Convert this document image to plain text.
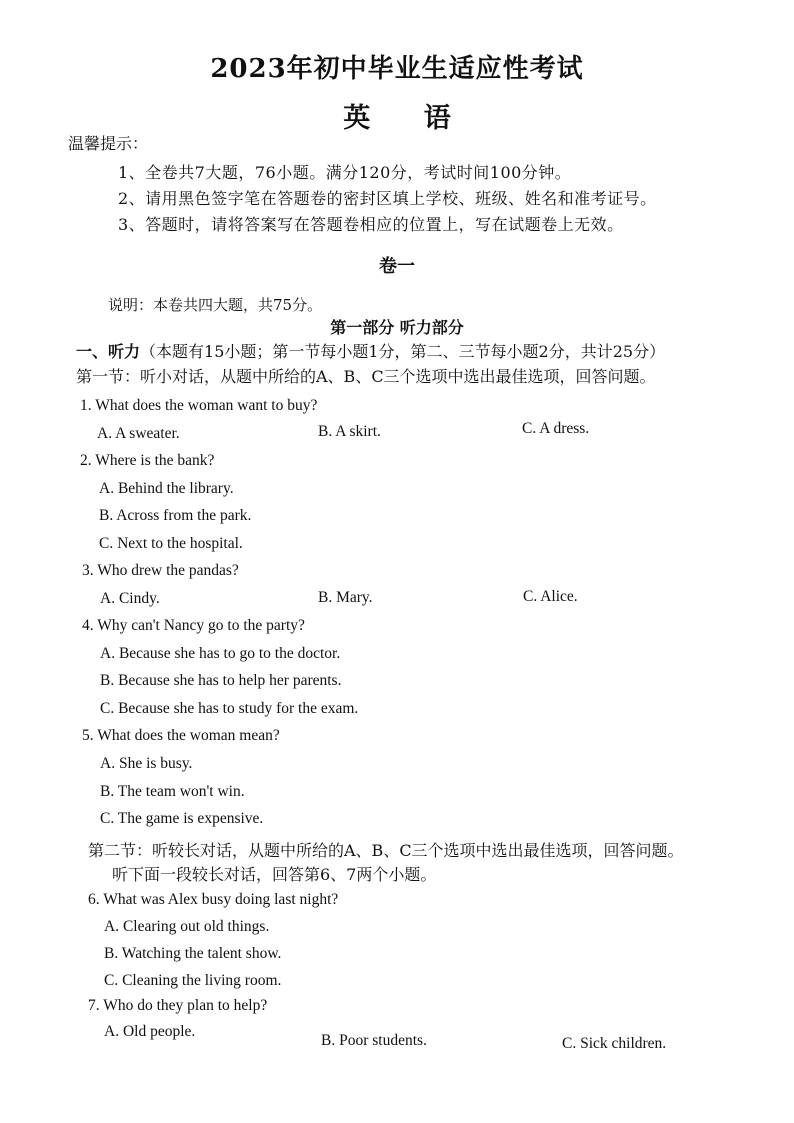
2023年初中毕业生适应性考试
英 语
温馨提示：
1、全卷共7大题，76小题。满分120分，考试时间100分钟。
2、请用黑色签字笔在答题卷的密封区填上学校、班级、姓名和准考证号。
3、答题时，请将答案写在答题卷相应的位置上，写在试题卷上无效。
卷一
说明：本卷共四大题，共75分。
第一部分 听力部分
一、听力（本题有15小题；第一节每小题1分，第二、三节每小题2分，共计25分）
第一节：听小对话，从题中所给的A、B、C三个选项中选出最佳选项，回答问题。
1. What does the woman want to buy?
A. A sweater.	B. A skirt.	C. A dress.
2. Where is the bank?
A. Behind the library.
B. Across from the park.
C. Next to the hospital.
3. Who drew the pandas?
A. Cindy.	B. Mary.	C. Alice.
4. Why can't Nancy go to the party?
A. Because she has to go to the doctor.
B. Because she has to help her parents.
C. Because she has to study for the exam.
5. What does the woman mean?
A. She is busy.
B. The team won't win.
C. The game is expensive.
第二节：听较长对话，从题中所给的A、B、C三个选项中选出最佳选项，回答问题。
听下面一段较长对话，回答第6、7两个小题。
6. What was Alex busy doing last night?
A. Clearing out old things.
B. Watching the talent show.
C. Cleaning the living room.
7. Who do they plan to help?
A. Old people.
B. Poor students.	C. Sick children.
